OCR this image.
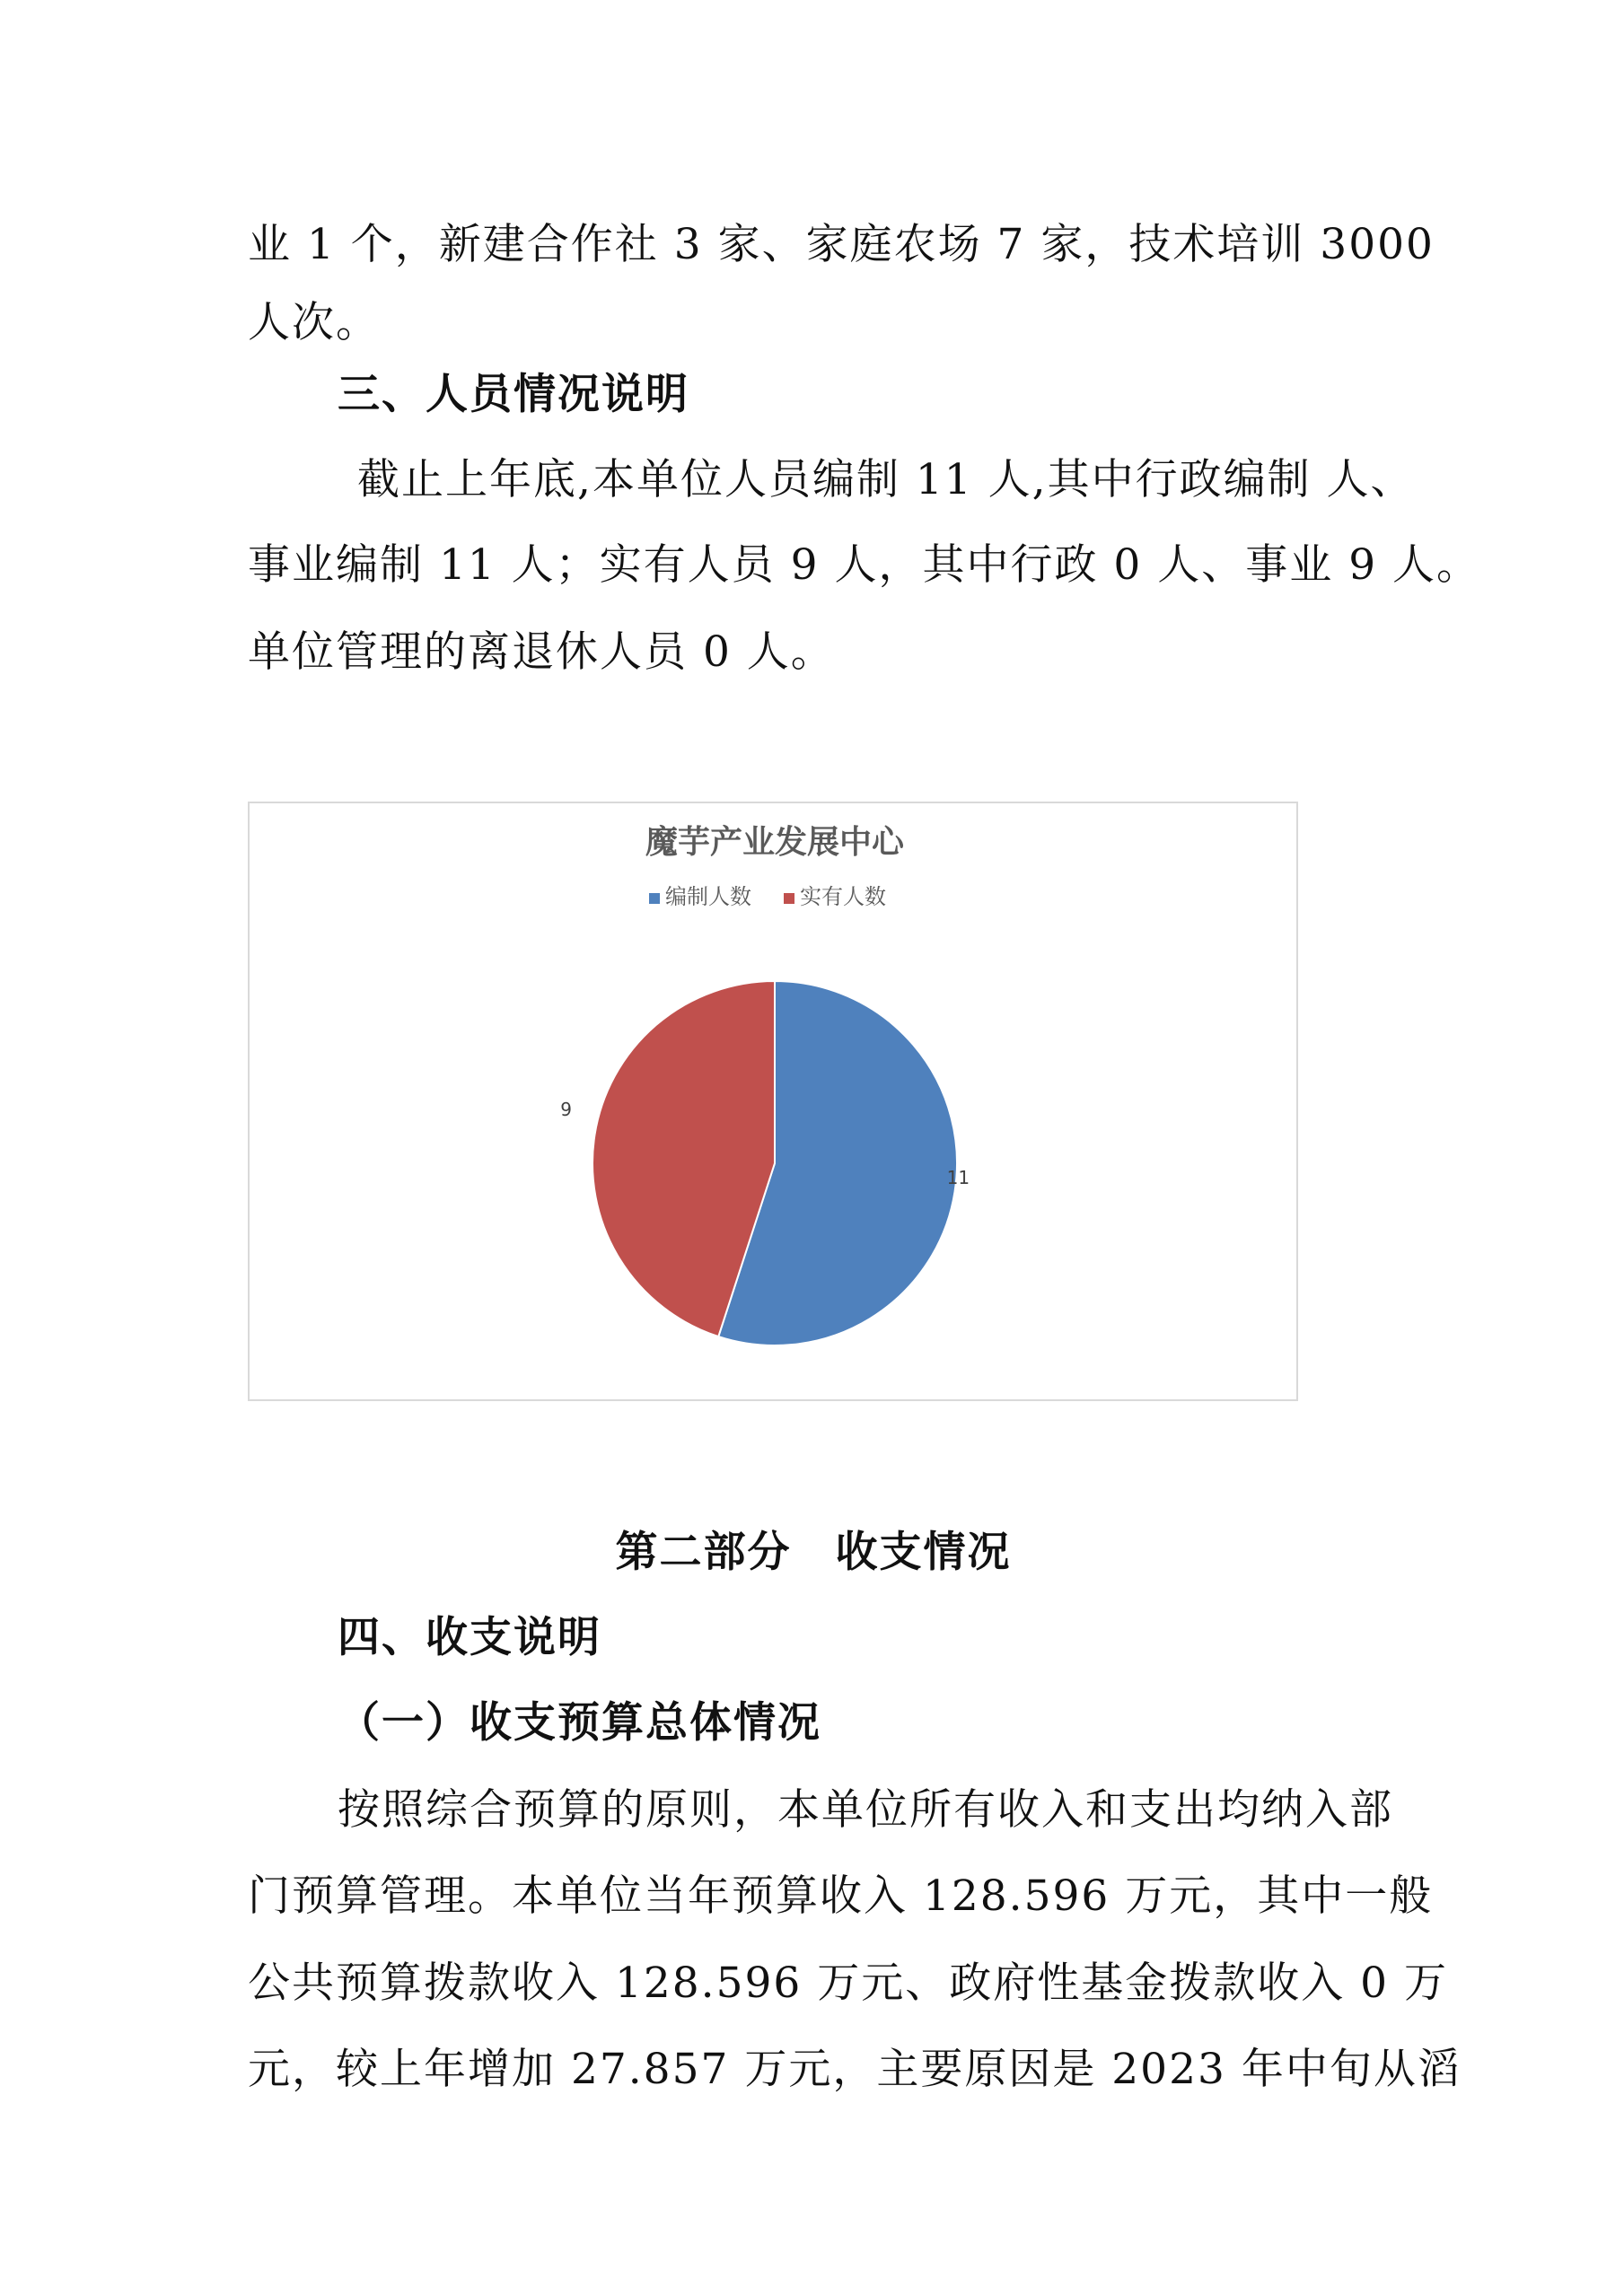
业 1 个，新建合作社 3 家、家庭农场 7 家，技术培训 3000
人次。
三、人员情况说明
截止上年底,本单位人员编制 11 人,其中行政编制 人、
事业编制 11 人；实有人员 9 人，其中行政 0 人、事业 9 人。
单位管理的离退休人员 0 人。
魔芋产业发展中心
编制人数 实有人数
11
9
第二部分　收支情况
四、收支说明
（一）收支预算总体情况
按照综合预算的原则，本单位所有收入和支出均纳入部
门预算管理。本单位当年预算收入 128.596 万元，其中一般
公共预算拨款收入 128.596 万元、政府性基金拨款收入 0 万
元，较上年增加 27.857 万元，主要原因是 2023 年中旬从滔
